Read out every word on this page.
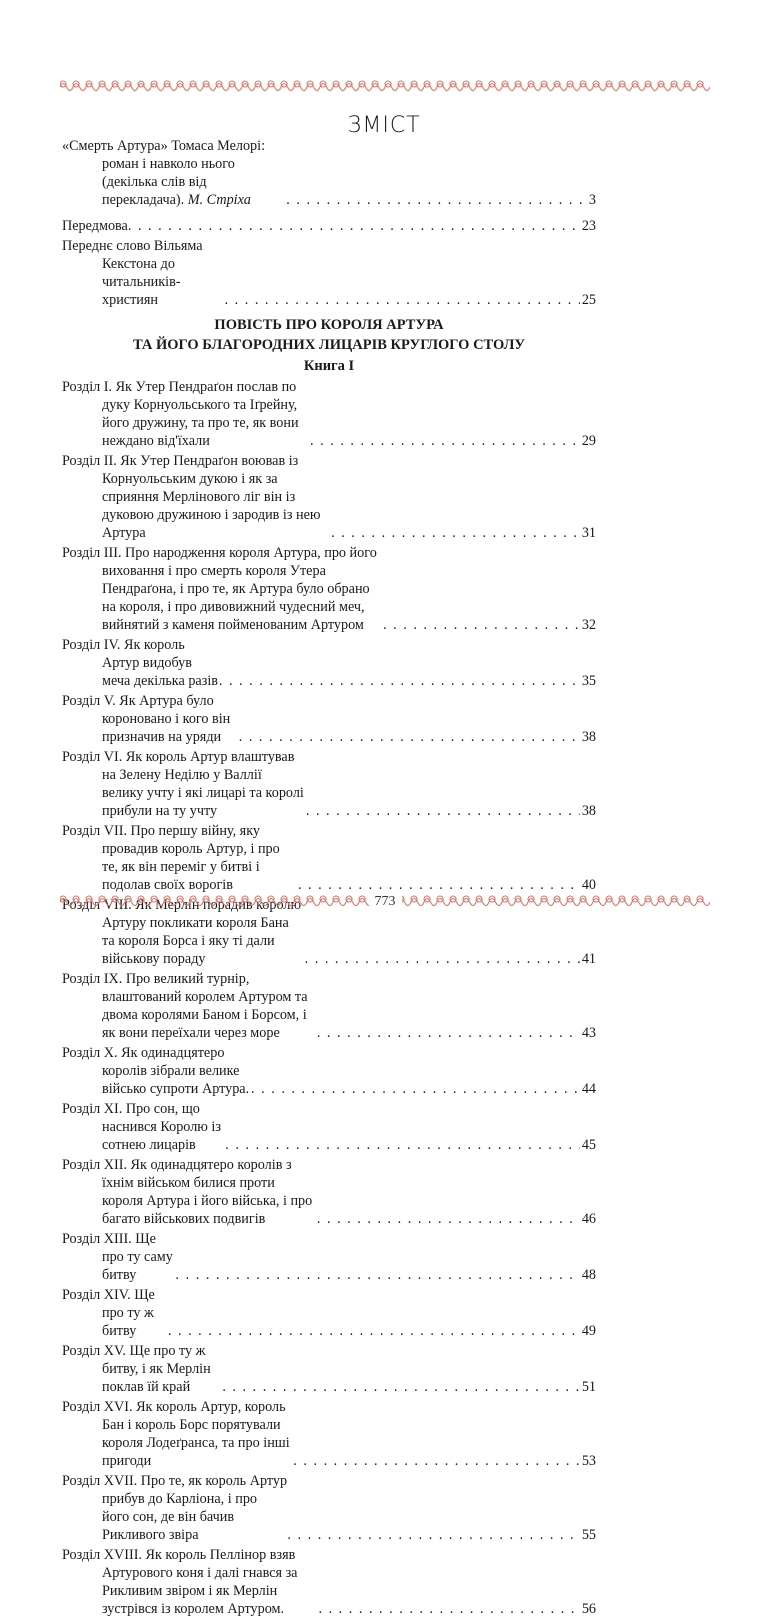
ЗМІСТ
«Смерть Артура» Томаса Мелорі: роман і навколо нього (декілька слів від перекладача). М. Стріха . . .	3
Передмова . . .	23
Переднє слово Вільяма Кекстона до читальників-християн . . .	25
ПОВІСТЬ ПРО КОРОЛЯ АРТУРА
ТА ЙОГО БЛАГОРОДНИХ ЛИЦАРІВ КРУГЛОГО СТОЛУ
Книга І
Розділ I. Як Утер Пендраґон послав по дуку Корнуольського та Іґрейну, його дружину, та про те, як вони неждано від'їхали . . .	29
Розділ II. Як Утер Пендраґон воював із Корнуольським дукою і як за сприяння Мерлінового ліг він із дуковою дружиною і зародив із нею Артура . . .	31
Розділ III. Про народження короля Артура, про його виховання і про смерть короля Утера Пендраґона, і про те, як Артура було обрано на короля, і про дивовижний чудесний меч, вийнятий з каменя пойменованим Артуром . . .	32
Розділ IV. Як король Артур видобув меча декілька разів . . .	35
Розділ V. Як Артура було короновано і кого він призначив на уряди . . .	38
Розділ VI. Як король Артур влаштував на Зелену Неділю у Валлії велику учту і які лицарі та королі прибули на ту учту . . .	38
Розділ VII. Про першу війну, яку провадив король Артур, і про те, як він переміг у битві і подолав своїх ворогів . . .	40
Розділ VIII. Як Мерлін порадив королю Артуру покликати короля Бана та короля Борса і яку ті дали військову пораду . . .	41
Розділ IX. Про великий турнір, влаштований королем Артуром та двома королями Баном і Борсом, і як вони переїхали через море . . .	43
Розділ X. Як одинадцятеро королів зібрали велике військо супроти Артура. . . .	44
Розділ XI. Про сон, що наснився Королю із сотнею лицарів . . .	45
Розділ XII. Як одинадцятеро королів з їхнім військом билися проти короля Артура і його війська, і про багато військових подвигів . . .	46
Розділ XIII. Ще про ту саму битву . . .	48
Розділ XIV. Ще про ту ж битву . . .	49
Розділ XV. Ще про ту ж битву, і як Мерлін поклав їй край . . .	51
Розділ XVI. Як король Артур, король Бан і король Борс порятували короля Лодеґранса, та про інші пригоди . . .	53
Розділ XVII. Про те, як король Артур прибув до Карліона, і про його сон, де він бачив Рикливого звіра . . .	55
Розділ XVIII. Як король Пеллінор взяв Артурового коня і далі гнався за Рикливим звіром і як Мерлін зустрівся із королем Артуром. . . .	56
773
